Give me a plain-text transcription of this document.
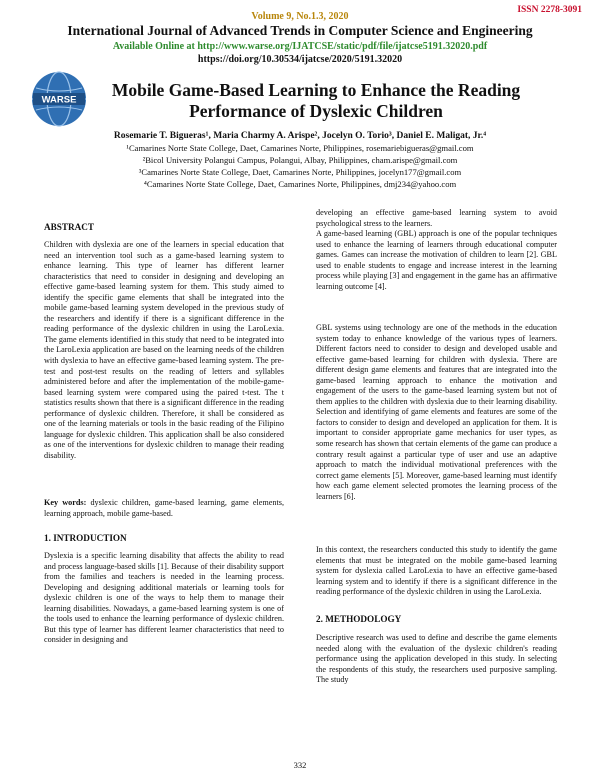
ISSN 2278-3091
Volume 9, No.1.3, 2020
International Journal of Advanced Trends in Computer Science and Engineering
Available Online at http://www.warse.org/IJATCSE/static/pdf/file/ijatcse5191.32020.pdf
https://doi.org/10.30534/ijatcse/2020/5191.32020
WARSE	Mobile Game-Based Learning to Enhance the Reading
Performance of Dyslexic Children
Rosemarie T. Bigueras¹, Maria Charmy A. Arispe², Jocelyn O. Torio³, Daniel E. Maligat, Jr.⁴
¹Camarines Norte State College, Daet, Camarines Norte, Philippines, rosemariebigueras@gmail.com
²Bicol University Polangui Campus, Polangui, Albay, Philippines, cham.arispe@gmail.com
³Camarines Norte State College, Daet, Camarines Norte, Philippines, jocelyn177@gmail.com
⁴Camarines Norte State College, Daet, Camarines Norte, Philippines, dmj234@yahoo.com
ABSTRACT

Children with dyslexia are one of the learners in special education that need an intervention tool such as a game-based learning system to enhance learning. This type of learner has different learner characteristics that need to consider in designing and developing an effective game-based learning system for them. This study aimed to identify the specific game elements that shall be integrated into the mobile game-based learning system developed in the previous study of the researchers and identify if there is a significant difference in the reading performance of the dyslexic children in using the LaroLexia. The game elements identified in this study that need to be integrated into the LaroLexia application are based on the learning needs of the children with dyslexia to have an effective game-based learning system. The pre-test and post-test results on the reading of letters and syllables administered before and after the implementation of the mobile-game-based learning system were compared using the paired t-test. The t statistics results shown that there is a significant difference in the reading performance of dyslexic children. Therefore, it shall be considered as one of the learning materials or tools in the basic reading of the Filipino language for dyslexic children. This application shall be also considered as one of the interventions for dyslexic children to manage their reading disability.

Key words: dyslexic children, game-based learning, game elements, learning approach, mobile game-based.

1. INTRODUCTION

Dyslexia is a specific learning disability that affects the ability to read and process language-based skills [1]. Because of their disability support from the families and teachers is needed in the learning process. Developing and designing additional materials or learning tools for dyslexic children is one of the ways to help them to manage their learning disabilities. Nowadays, a game-based learning system is one of the tools used to enhance the learning performance of dyslexic children. But this type of learner has different learner characteristics that need to consider in designing and

developing an effective game-based learning system to avoid psychological stress to the learners.

A game-based learning (GBL) approach is one of the popular techniques used to enhance the learning of learners through educational computer games. Games can increase the motivation of children to learn [2]. GBL used to enable students to engage and increase interest in the learning process while playing [3] and engagement in the game has an affirmative learning outcome [4].

GBL systems using technology are one of the methods in the education system today to enhance knowledge of the various types of learners. Different factors need to consider to design and developed usable and effective game-based learning for children with dyslexia. There are different design game elements and features that are integrated into the game-based learning approach to enhance the motivation and engagement of the users to the game-based learning system but not of them applies to the children with dyslexia due to their learning disability. Selection and identifying of game elements and features are some of the factors to consider to design and developed an application for them. It is important to consider appropriate game mechanics for user types, as some research has shown that certain elements of the game can produce a contrary result against a particular type of user and use an adaptive approach to match the individual motivational preferences with the correct game elements [5]. Moreover, game-based learning must identify how each game element selected promotes the learning process of the learners [6].

In this context, the researchers conducted this study to identify the game elements that must be integrated on the mobile game-based learning system for dyslexia called LaroLexia to have an effective game-based learning system and to identify if there is a significant difference in the reading performance of the dyslexic children in using the LaroLexia.

2. METHODOLOGY

Descriptive research was used to define and describe the game elements needed along with the evaluation of the dyslexic children's reading performance using the application developed in this study. In selecting the respondents of this study, the researchers used purposive sampling. The study

332
